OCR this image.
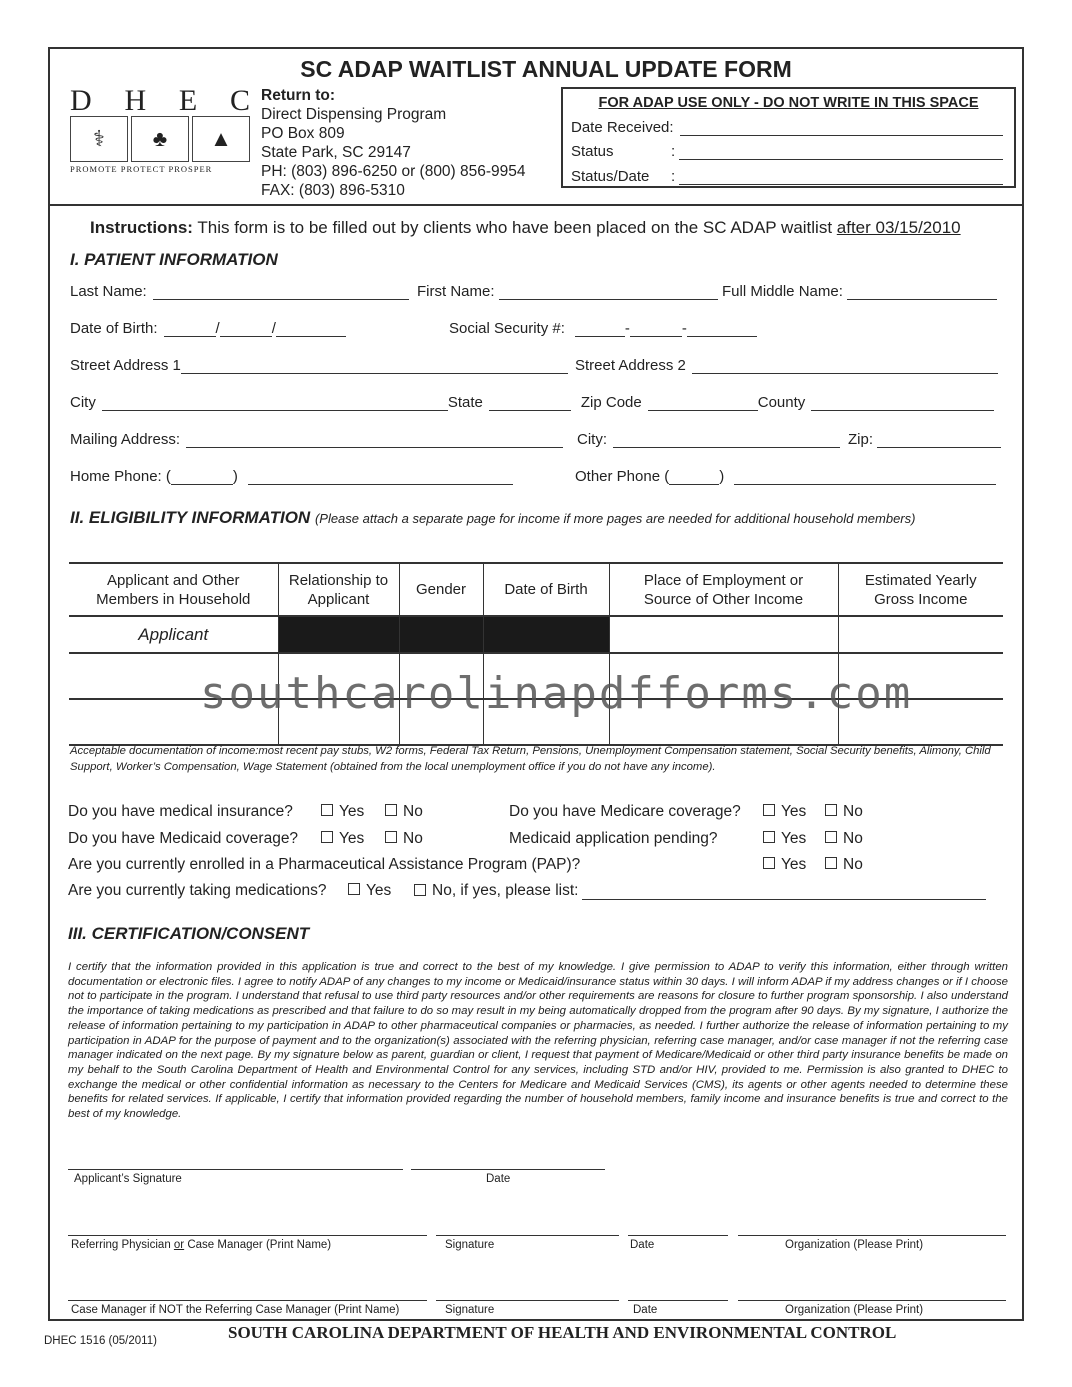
SC ADAP WAITLIST ANNUAL UPDATE FORM
D H E C
⚕	♣	▲
PROMOTE PROTECT PROSPER
Return to:
Direct Dispensing Program
PO Box 809
State Park, SC 29147
PH: (803) 896-6250 or (800) 856-9954
FAX: (803) 896-5310
FOR ADAP USE ONLY - DO NOT WRITE IN THIS SPACE
Date Received:
Status	:
Status/Date	:
Instructions: This form is to be filled out by clients who have been placed on the SC ADAP waitlist after 03/15/2010
I. PATIENT INFORMATION
Last Name:	First Name:	Full Middle Name:
Date of Birth:	/	/	Social Security #:	-	-
Street Address 1	Street Address 2
City	State	Zip Code	County
Mailing Address:	City:	Zip:
Home Phone: (	)	Other Phone (	)
II. ELIGIBILITY INFORMATION (Please attach a separate page for income if more pages are needed for additional household members)
Applicant and Other Members in Household	Relationship to Applicant	Gender	Date of Birth	Place of Employment or Source of Other Income	Estimated Yearly Gross Income
Applicant					

southcarolinapdfforms.com
Acceptable documentation of income:most recent pay stubs, W2 forms, Federal Tax Return, Pensions, Unemployment Compensation statement, Social Security benefits, Alimony, Child Support, Worker’s Compensation, Wage Statement (obtained from the local unemployment office if you do not have any income).
Do you have medical insurance?	Yes	No	Do you have Medicare coverage?	Yes	No
Do you have Medicaid coverage?	Yes	No	Medicaid application pending?	Yes	No
Are you currently enrolled in a Pharmaceutical Assistance Program (PAP)?	Yes	No
Are you currently taking medications?	Yes	No, if yes, please list:
III. CERTIFICATION/CONSENT
I certify that the information provided in this application is true and correct to the best of my knowledge. I give permission to ADAP to verify this information, either through written documentation or electronic files. I agree to notify ADAP of any changes to my income or Medicaid/insurance status within 30 days. I will inform ADAP if my address changes or if I choose not to participate in the program. I understand that refusal to use third party resources and/or other requirements are reasons for closure to further program sponsorship. I also understand the importance of taking medications as prescribed and that failure to do so may result in my being automatically dropped from the program after 90 days. By my signature, I authorize the release of information pertaining to my participation in ADAP to other pharmaceutical companies or pharmacies, as needed. I further authorize the release of information pertaining to my participation in ADAP for the purpose of payment and to the organization(s) associated with the referring physician, referring case manager, and/or case manager if not the referring case manager indicated on the next page. By my signature below as parent, guardian or client, I request that payment of Medicare/Medicaid or other third party insurance benefits be made on my behalf to the South Carolina Department of Health and Environmental Control for any services, including STD and/or HIV, provided to me. Permission is also granted to DHEC to exchange the medical or other confidential information as necessary to the Centers for Medicare and Medicaid Services (CMS), its agents or other agents needed to determine these benefits for related services. If applicable, I certify that information provided regarding the number of household members, family income and insurance benefits is true and correct to the best of my knowledge.
Applicant’s Signature	Date
Referring Physician or Case Manager (Print Name)	Signature	Date	Organization (Please Print)
Case Manager if NOT the Referring Case Manager (Print Name)	Signature	Date	Organization (Please Print)
SOUTH CAROLINA DEPARTMENT OF HEALTH AND ENVIRONMENTAL CONTROL
DHEC 1516 (05/2011)
